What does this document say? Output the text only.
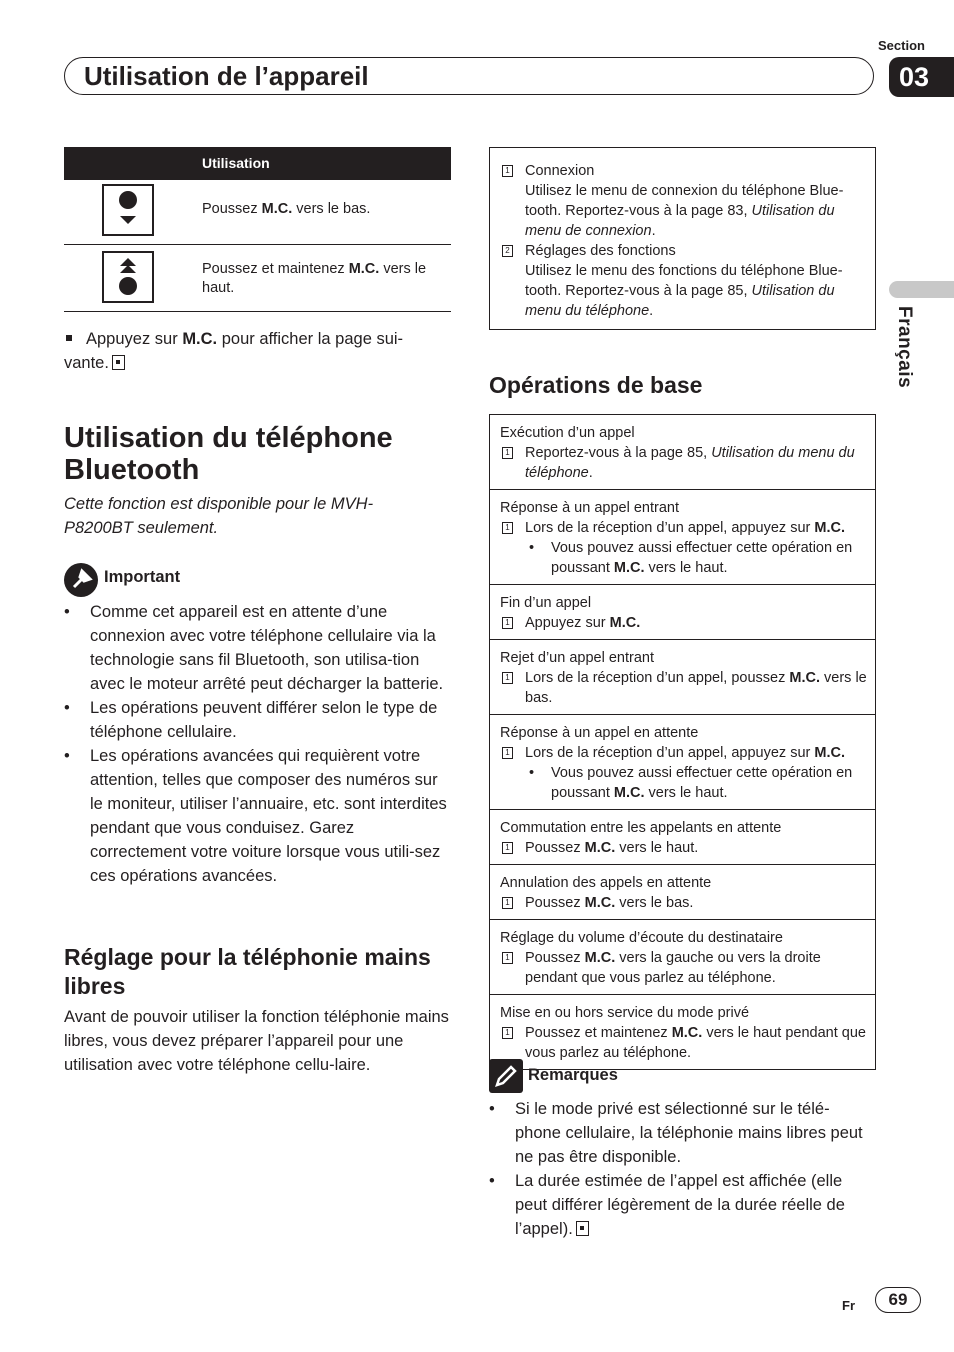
Section
03
Utilisation de l’appareil
Français
Utilisation
Poussez M.C. vers le bas.
Poussez et maintenez M.C. vers le haut.
Appuyez sur M.C. pour afficher la page sui-vante.
Utilisation du téléphone Bluetooth
Cette fonction est disponible pour le MVH-P8200BT seulement.
Important
• Comme cet appareil est en attente d’une connexion avec votre téléphone cellulaire via la technologie sans fil Bluetooth, son utilisa-tion avec le moteur arrêté peut décharger la batterie.
• Les opérations peuvent différer selon le type de téléphone cellulaire.
• Les opérations avancées qui requièrent votre attention, telles que composer des numéros sur le moniteur, utiliser l’annuaire, etc. sont interdites pendant que vous conduisez. Garez correctement votre voiture lorsque vous utili-sez ces opérations avancées.
Réglage pour la téléphonie mains libres
Avant de pouvoir utiliser la fonction téléphonie mains libres, vous devez préparer l’appareil pour une utilisation avec votre téléphone cellu-laire.
1 Connexion
Utilisez le menu de connexion du téléphone Blue-tooth. Reportez-vous à la page 83, Utilisation du menu de connexion.
2 Réglages des fonctions
Utilisez le menu des fonctions du téléphone Blue-tooth. Reportez-vous à la page 85, Utilisation du menu du téléphone.
Opérations de base
Exécution d’un appel
1 Reportez-vous à la page 85, Utilisation du menu du téléphone.
Réponse à un appel entrant
1 Lors de la réception d’un appel, appuyez sur M.C.
• Vous pouvez aussi effectuer cette opération en poussant M.C. vers le haut.
Fin d’un appel
1 Appuyez sur M.C.
Rejet d’un appel entrant
1 Lors de la réception d’un appel, poussez M.C. vers le bas.
Réponse à un appel en attente
1 Lors de la réception d’un appel, appuyez sur M.C.
• Vous pouvez aussi effectuer cette opération en poussant M.C. vers le haut.
Commutation entre les appelants en attente
1 Poussez M.C. vers le haut.
Annulation des appels en attente
1 Poussez M.C. vers le bas.
Réglage du volume d’écoute du destinataire
1 Poussez M.C. vers la gauche ou vers la droite pendant que vous parlez au téléphone.
Mise en ou hors service du mode privé
1 Poussez et maintenez M.C. vers le haut pendant que vous parlez au téléphone.
Remarques
• Si le mode privé est sélectionné sur le télé-phone cellulaire, la téléphonie mains libres peut ne pas être disponible.
• La durée estimée de l’appel est affichée (elle peut différer légèrement de la durée réelle de l’appel).
Fr	69
